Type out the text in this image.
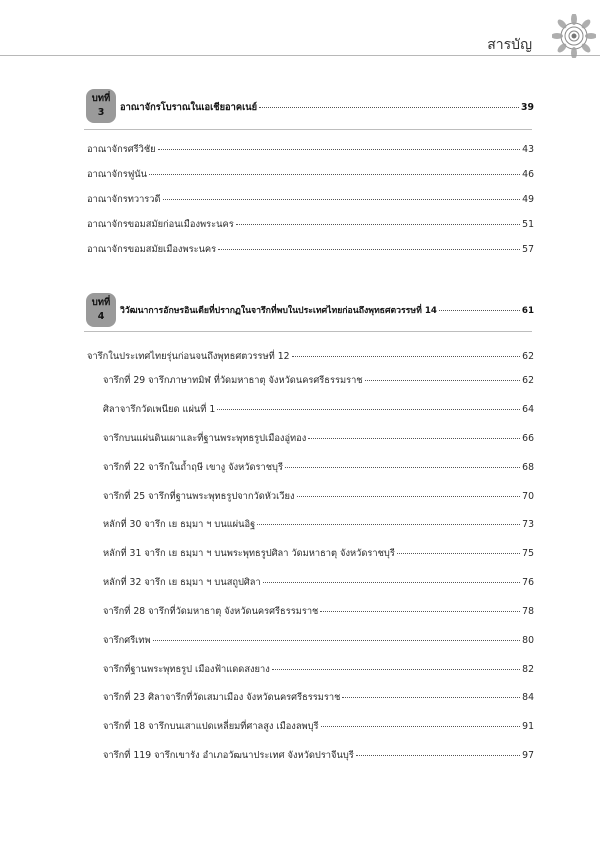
สารบัญ
บทที่
3	อาณาจักรโบราณในเอเชียอาคเนย์	39
อาณาจักรศรีวิชัย	43
อาณาจักรฟูนัน	46
อาณาจักรทวารวดี	49
อาณาจักรขอมสมัยก่อนเมืองพระนคร	51
อาณาจักรขอมสมัยเมืองพระนคร	57
บทที่
4	วิวัฒนาการอักษรอินเดียที่ปรากฏในจารึกที่พบในประเทศไทยก่อนถึงพุทธศตวรรษที่ 14	61
จารึกในประเทศไทยรุ่นก่อนจนถึงพุทธศตวรรษที่ 12	62
จารึกที่ 29 จารึกภาษาทมิฬ ที่วัดมหาธาตุ จังหวัดนครศรีธรรมราช	62
ศิลาจารึกวัดเพนียด แผ่นที่ 1	64
จารึกบนแผ่นดินเผาและที่ฐานพระพุทธรูปเมืองอู่ทอง	66
จารึกที่ 22 จารึกในถ้ำฤษี เขางู จังหวัดราชบุรี	68
จารึกที่ 25 จารึกที่ฐานพระพุทธรูปจากวัดหัวเวียง	70
หลักที่ 30 จารึก เย ธมฺมา ฯ บนแผ่นอิฐ	73
หลักที่ 31 จารึก เย ธมฺมา ฯ บนพระพุทธรูปศิลา วัดมหาธาตุ จังหวัดราชบุรี	75
หลักที่ 32 จารึก เย ธมฺมา ฯ บนสถูปศิลา	76
จารึกที่ 28 จารึกที่วัดมหาธาตุ จังหวัดนครศรีธรรมราช	78
จารึกศรีเทพ	80
จารึกที่ฐานพระพุทธรูป เมืองฟ้าแดดสงยาง	82
จารึกที่ 23 ศิลาจารึกที่วัดเสมาเมือง จังหวัดนครศรีธรรมราช	84
จารึกที่ 18 จารึกบนเสาแปดเหลี่ยมที่ศาลสูง เมืองลพบุรี	91
จารึกที่ 119 จารึกเขารัง อำเภอวัฒนาประเทศ จังหวัดปราจีนบุรี	97
